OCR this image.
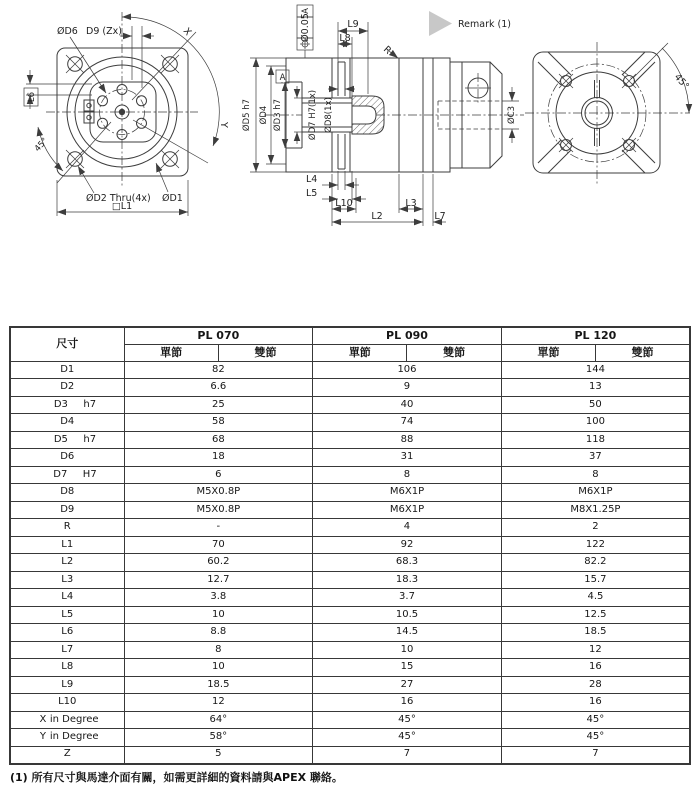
X
Y
45°
ØD6 D9 (Zx)
L6
ØD2 Thru(4x) ØD1
□L1
A
A
Ø0.05
R
L9
L8
ØD5 h7 ØD4 ØD3 h7	ØD7 H7(1x) ØD8(1x)
L4
L5
L10	L3
L2	L7
ØC3
Remark (1)
45°
尺寸	PL 070		PL 090		PL 120	
	單節	雙節	單節	雙節	單節	雙節
D1	82		106		144	
D2	6.6		9		13	
D3 h7	25		40		50	
D4	58		74		100	
D5 h7	68		88		118	
D6	18		31		37	
D7 H7	6		8		8	
D8	M5X0.8P		M6X1P		M6X1P	
D9	M5X0.8P		M6X1P		M8X1.25P	
R	-		4		2	
L1	70		92		122	
L2	60.2		68.3		82.2	
L3	12.7		18.3		15.7	
L4	3.8		3.7		4.5	
L5	10		10.5		12.5	
L6	8.8		14.5		18.5	
L7	8		10		12	
L8	10		15		16	
L9	18.5		27		28	
L10	12		16		16	
X in Degree	64°		45°		45°	
Y in Degree	58°		45°		45°	
Z	5		7		7	
(1) 所有尺寸與馬達介面有關，如需更詳細的資料請與APEX 聯絡。
